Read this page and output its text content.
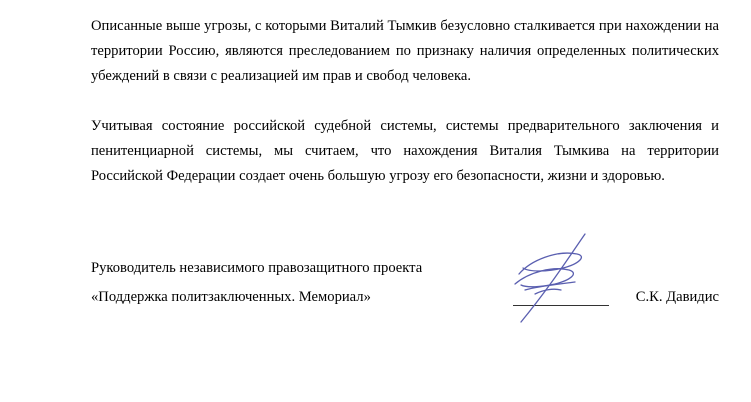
Описанные выше угрозы, с которыми Виталий Тымкив безусловно сталкивается при нахождении на территории Россию, являются преследованием по признаку наличия определенных политических убеждений в связи с реализацией им прав и свобод человека.

Учитывая состояние российской судебной системы, системы предварительного заключения и пенитенциарной системы, мы считаем, что нахождения Виталия Тымкива на территории Российской Федерации создает очень большую угрозу его безопасности, жизни и здоровью.

Руководитель независимого правозащитного проекта

«Поддержка политзаключенных. Мемориал»	С.К. Давидис
